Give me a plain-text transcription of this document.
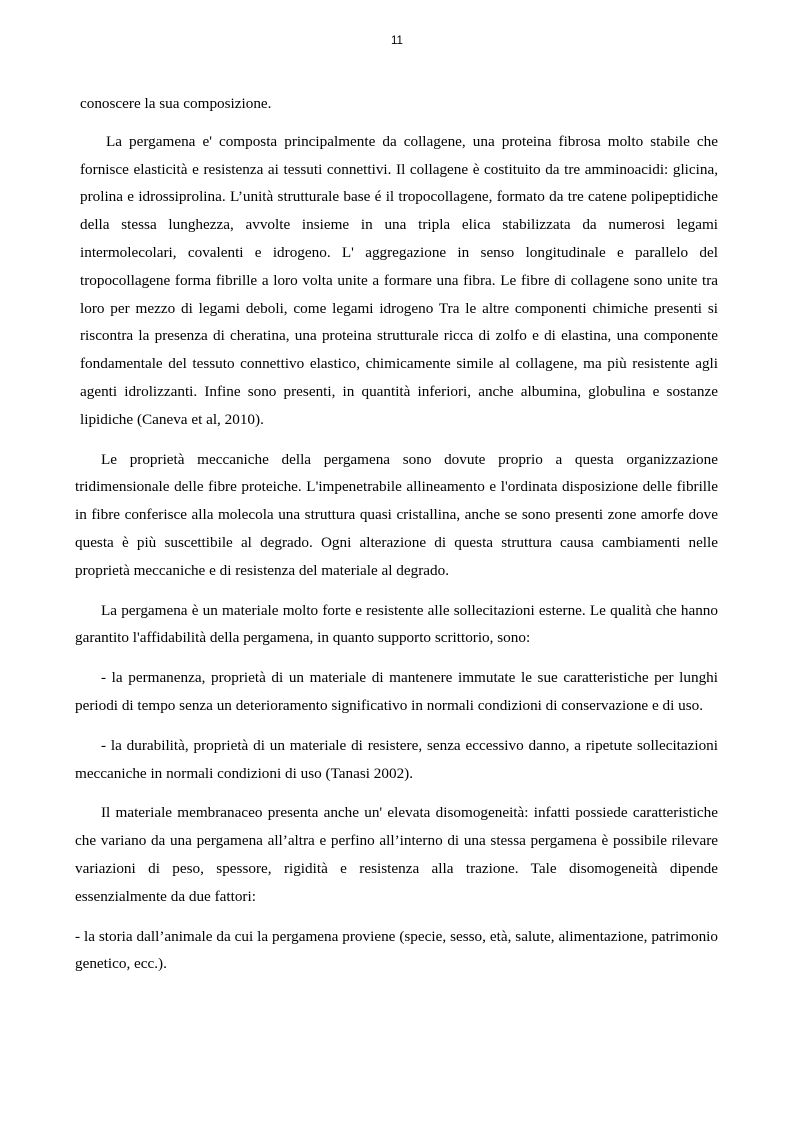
11

conoscere la sua composizione.

La pergamena e' composta principalmente da collagene, una proteina fibrosa molto stabile che fornisce elasticità e resistenza ai tessuti connettivi. Il collagene è costituito da tre amminoacidi: glicina, prolina e idrossiprolina. L’unità strutturale base é il tropocollagene, formato da tre catene polipeptidiche della stessa lunghezza, avvolte insieme in una tripla elica stabilizzata da numerosi legami intermolecolari, covalenti e idrogeno. L' aggregazione in senso longitudinale e parallelo del tropocollagene forma fibrille a loro volta unite a formare una fibra. Le fibre di collagene sono unite tra loro per mezzo di legami deboli, come legami idrogeno Tra le altre componenti chimiche presenti si riscontra la presenza di cheratina, una proteina strutturale ricca di zolfo e di elastina, una componente fondamentale del tessuto connettivo elastico, chimicamente simile al collagene, ma più resistente agli agenti idrolizzanti. Infine sono presenti, in quantità inferiori, anche albumina, globulina e sostanze lipidiche (Caneva et al, 2010).

Le proprietà meccaniche della pergamena sono dovute proprio a questa organizzazione tridimensionale delle fibre proteiche. L'impenetrabile allineamento e l'ordinata disposizione delle fibrille in fibre conferisce alla molecola una struttura quasi cristallina, anche se sono presenti zone amorfe dove questa è più suscettibile al degrado. Ogni alterazione di questa struttura causa cambiamenti nelle proprietà meccaniche e di resistenza del materiale al degrado.

La pergamena è un materiale molto forte e resistente alle sollecitazioni esterne. Le qualità che hanno garantito l'affidabilità della pergamena, in quanto supporto scrittorio, sono:

- la permanenza, proprietà di un materiale di mantenere immutate le sue caratteristiche per lunghi periodi di tempo senza un deterioramento significativo in normali condizioni di conservazione e di uso.

- la durabilità, proprietà di un materiale di resistere, senza eccessivo danno, a ripetute sollecitazioni meccaniche in normali condizioni di uso (Tanasi 2002).

Il materiale membranaceo presenta anche un' elevata disomogeneità: infatti possiede caratteristiche che variano da una pergamena all’altra e perfino all’interno di una stessa pergamena è possibile rilevare variazioni di peso, spessore, rigidità e resistenza alla trazione. Tale disomogeneità dipende essenzialmente da due fattori:

- la storia dall’animale da cui la pergamena proviene (specie, sesso, età, salute, alimentazione, patrimonio genetico, ecc.).
